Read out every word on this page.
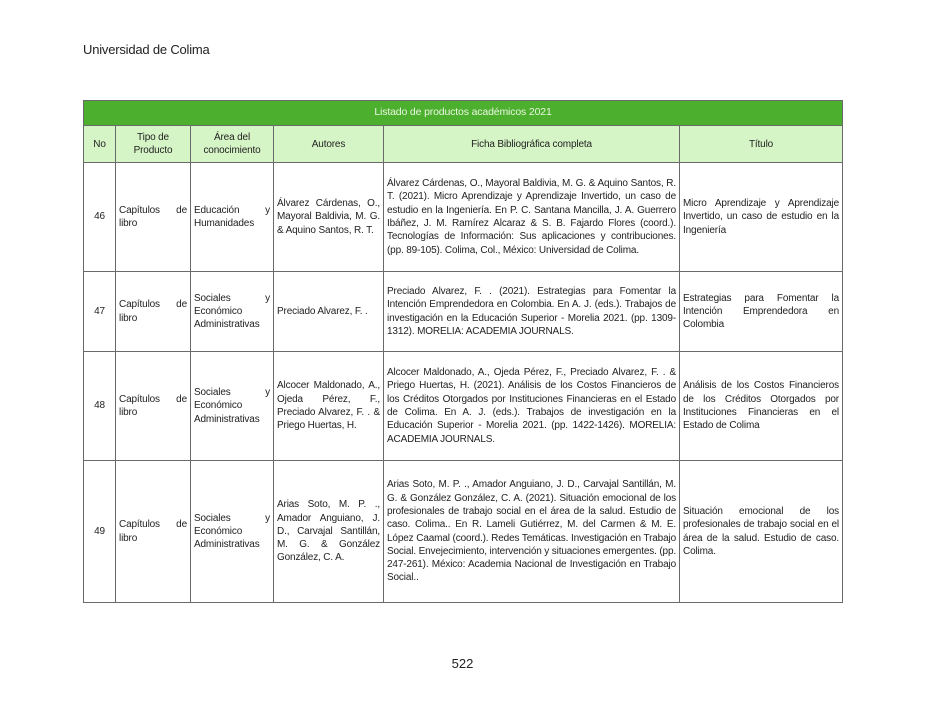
Universidad de Colima
Listado de productos académicos 2021					
No	Tipo de Producto	Área del conocimiento	Autores	Ficha Bibliográfica completa	Título
46	Capítulos de libro	Educación y Humanidades	Álvarez Cárdenas, O., Mayoral Baldivia, M. G. & Aquino Santos, R. T.	Álvarez Cárdenas, O., Mayoral Baldivia, M. G. & Aquino Santos, R. T. (2021). Micro Aprendizaje y Aprendizaje Invertido, un caso de estudio en la Ingeniería. En P. C. Santana Mancilla, J. A. Guerrero Ibáñez, J. M. Ramírez Alcaraz & S. B. Fajardo Flores (coord.). Tecnologías de Información: Sus aplicaciones y contribuciones. (pp. 89-105). Colima, Col., México: Universidad de Colima.	Micro Aprendizaje y Aprendizaje Invertido, un caso de estudio en la Ingeniería
47	Capítulos de libro	Sociales y Económico Administrativas	Preciado Alvarez, F. .	Preciado Alvarez, F. . (2021). Estrategias para Fomentar la Intención Emprendedora en Colombia. En A. J. (eds.). Trabajos de investigación en la Educación Superior - Morelia 2021. (pp. 1309-1312). MORELIA: ACADEMIA JOURNALS.	Estrategias para Fomentar la Intención Emprendedora en Colombia
48	Capítulos de libro	Sociales y Económico Administrativas	Alcocer Maldonado, A., Ojeda Pérez, F., Preciado Alvarez, F. . & Priego Huertas, H.	Alcocer Maldonado, A., Ojeda Pérez, F., Preciado Alvarez, F. . & Priego Huertas, H. (2021). Análisis de los Costos Financieros de los Créditos Otorgados por Instituciones Financieras en el Estado de Colima. En A. J. (eds.). Trabajos de investigación en la Educación Superior - Morelia 2021. (pp. 1422-1426). MORELIA: ACADEMIA JOURNALS.	Análisis de los Costos Financieros de los Créditos Otorgados por Instituciones Financieras en el Estado de Colima
49	Capítulos de libro	Sociales y Económico Administrativas	Arias Soto, M. P. ., Amador Anguiano, J. D., Carvajal Santillán, M. G. & González González, C. A.	Arias Soto, M. P. ., Amador Anguiano, J. D., Carvajal Santillán, M. G. & González González, C. A. (2021). Situación emocional de los profesionales de trabajo social en el área de la salud. Estudio de caso. Colima.. En R. Lameli Gutiérrez, M. del Carmen & M. E. López Caamal (coord.). Redes Temáticas. Investigación en Trabajo Social. Envejecimiento, intervención y situaciones emergentes. (pp. 247-261). México: Academia Nacional de Investigación en Trabajo Social..	Situación emocional de los profesionales de trabajo social en el área de la salud. Estudio de caso. Colima.
522
